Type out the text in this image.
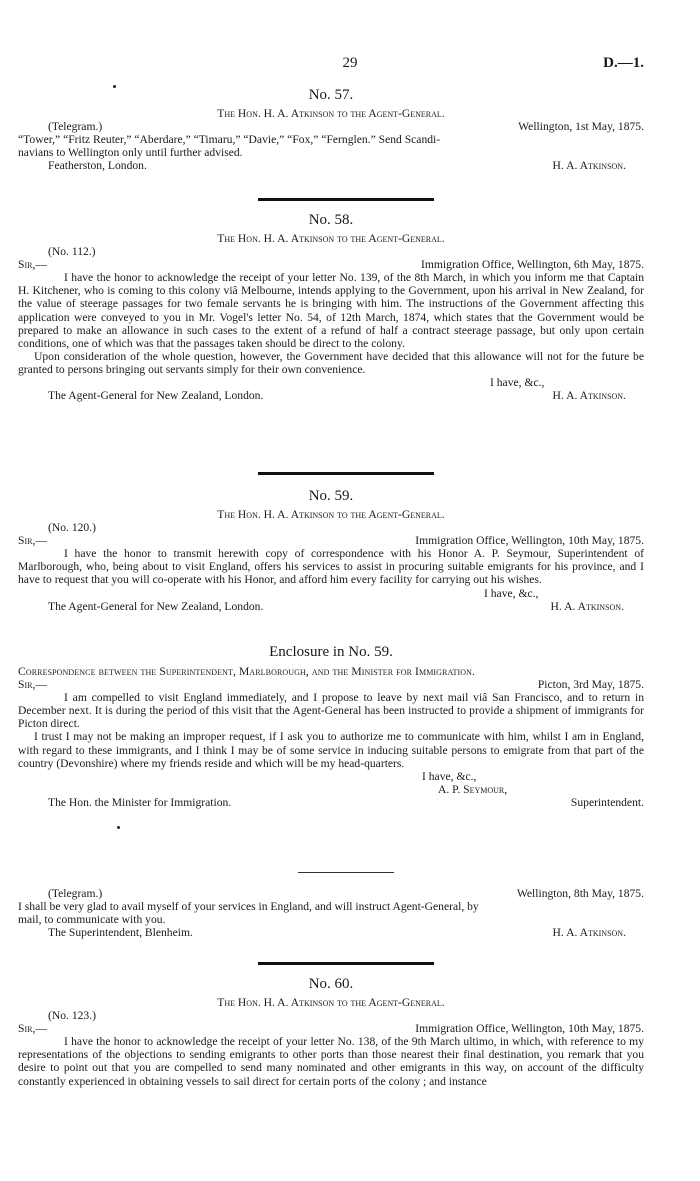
29	D.—1.
No. 57.
The Hon. H. A. Atkinson to the Agent-General.
(Telegram.)	Wellington, 1st May, 1875.
“Tower,” “Fritz Reuter,” “Aberdare,” “Timaru,” “Davie,” “Fox,” “Fernglen.” Send Scandi-
navians to Wellington only until further advised.
Featherston, London.	H. A. Atkinson.
No. 58.
The Hon. H. A. Atkinson to the Agent-General.
(No. 112.)
Sir,—	Immigration Office, Wellington, 6th May, 1875.

I have the honor to acknowledge the receipt of your letter No. 139, of the 8th March, in which you inform me that Captain H. Kitchener, who is coming to this colony viâ Melbourne, intends applying to the Government, upon his arrival in New Zealand, for the value of steerage passages for two female servants he is bringing with him. The instructions of the Government affecting this application were conveyed to you in Mr. Vogel's letter No. 54, of 12th March, 1874, which states that the Government would be prepared to make an allowance in such cases to the extent of a refund of half a contract steerage passage, but only upon certain conditions, one of which was that the passages taken should be direct to the colony.

Upon consideration of the whole question, however, the Government have decided that this allowance will not for the future be granted to persons bringing out servants simply for their own convenience.

I have, &c.,
The Agent-General for New Zealand, London.	H. A. Atkinson.
No. 59.
The Hon. H. A. Atkinson to the Agent-General.
(No. 120.)
Sir,—	Immigration Office, Wellington, 10th May, 1875.

I have the honor to transmit herewith copy of correspondence with his Honor A. P. Seymour, Superintendent of Marlborough, who, being about to visit England, offers his services to assist in procuring suitable emigrants for his province, and I have to request that you will co-operate with his Honor, and afford him every facility for carrying out his wishes.

I have, &c.,
The Agent-General for New Zealand, London.	H. A. Atkinson.
Enclosure in No. 59.
Correspondence between the Superintendent, Marlborough, and the Minister for Immigration.
Sir,—	Picton, 3rd May, 1875.

I am compelled to visit England immediately, and I propose to leave by next mail viâ San Francisco, and to return in December next. It is during the period of this visit that the Agent-General has been instructed to provide a shipment of immigrants for Picton direct.

I trust I may not be making an improper request, if I ask you to authorize me to communicate with him, whilst I am in England, with regard to these immigrants, and I think I may be of some service in inducing suitable persons to emigrate from that part of the country (Devonshire) where my friends reside and which will be my head-quarters.

I have, &c.,
A. P. Seymour,
The Hon. the Minister for Immigration.	Superintendent.
(Telegram.)	Wellington, 8th May, 1875.
I shall be very glad to avail myself of your services in England, and will instruct Agent-General, by
mail, to communicate with you.
The Superintendent, Blenheim.	H. A. Atkinson.
No. 60.
The Hon. H. A. Atkinson to the Agent-General.
(No. 123.)
Sir,—	Immigration Office, Wellington, 10th May, 1875.

I have the honor to acknowledge the receipt of your letter No. 138, of the 9th March ultimo, in which, with reference to my representations of the objections to sending emigrants to other ports than those nearest their final destination, you remark that you desire to point out that you are compelled to send many nominated and other emigrants in this way, on account of the difficulty constantly experienced in obtaining vessels to sail direct for certain ports of the colony ; and instance
